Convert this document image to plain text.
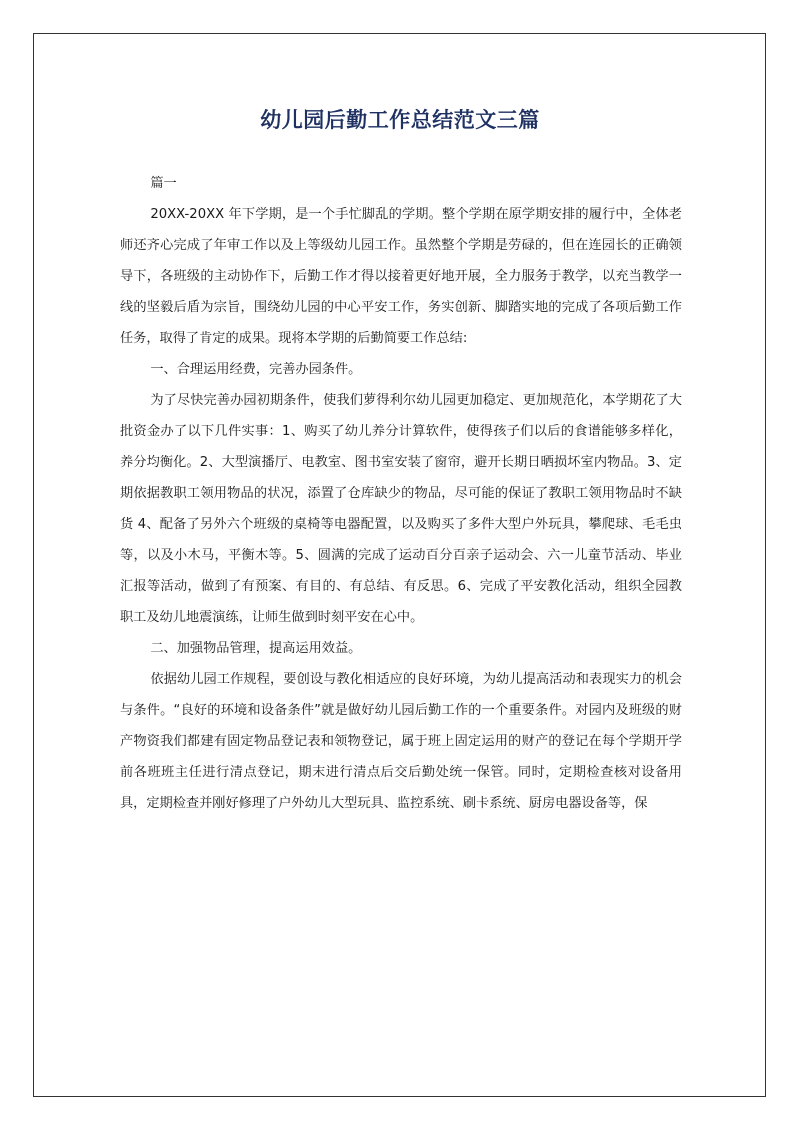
幼儿园后勤工作总结范文三篇

篇一

20XX-20XX 年下学期，是一个手忙脚乱的学期。整个学期在原学期安排的履行中，全体老师还齐心完成了年审工作以及上等级幼儿园工作。虽然整个学期是劳碌的，但在连园长的正确领导下，各班级的主动协作下，后勤工作才得以接着更好地开展，全力服务于教学，以充当教学一线的坚毅后盾为宗旨，围绕幼儿园的中心平安工作，务实创新、脚踏实地的完成了各项后勤工作任务，取得了肯定的成果。现将本学期的后勤简要工作总结:

一、合理运用经费，完善办园条件。

为了尽快完善办园初期条件，使我们萝得利尔幼儿园更加稳定、更加规范化，本学期花了大批资金办了以下几件实事：1、购买了幼儿养分计算软件，使得孩子们以后的食谱能够多样化，养分均衡化。2、大型演播厅、电教室、图书室安装了窗帘，避开长期日晒损坏室内物品。3、定期依据教职工领用物品的状况，添置了仓库缺少的物品，尽可能的保证了教职工领用物品时不缺货 4、配备了另外六个班级的桌椅等电器配置，以及购买了多件大型户外玩具，攀爬球、毛毛虫等，以及小木马，平衡木等。5、圆满的完成了运动百分百亲子运动会、六一儿童节活动、毕业汇报等活动，做到了有预案、有目的、有总结、有反思。6、完成了平安教化活动，组织全园教职工及幼儿地震演练，让师生做到时刻平安在心中。

二、加强物品管理，提高运用效益。

依据幼儿园工作规程，要创设与教化相适应的良好环境，为幼儿提高活动和表现实力的机会与条件。“良好的环境和设备条件”就是做好幼儿园后勤工作的一个重要条件。对园内及班级的财产物资我们都建有固定物品登记表和领物登记，属于班上固定运用的财产的登记在每个学期开学前各班班主任进行清点登记，期末进行清点后交后勤处统一保管。同时，定期检查核对设备用具，定期检查并刚好修理了户外幼儿大型玩具、监控系统、刷卡系统、厨房电器设备等，保
